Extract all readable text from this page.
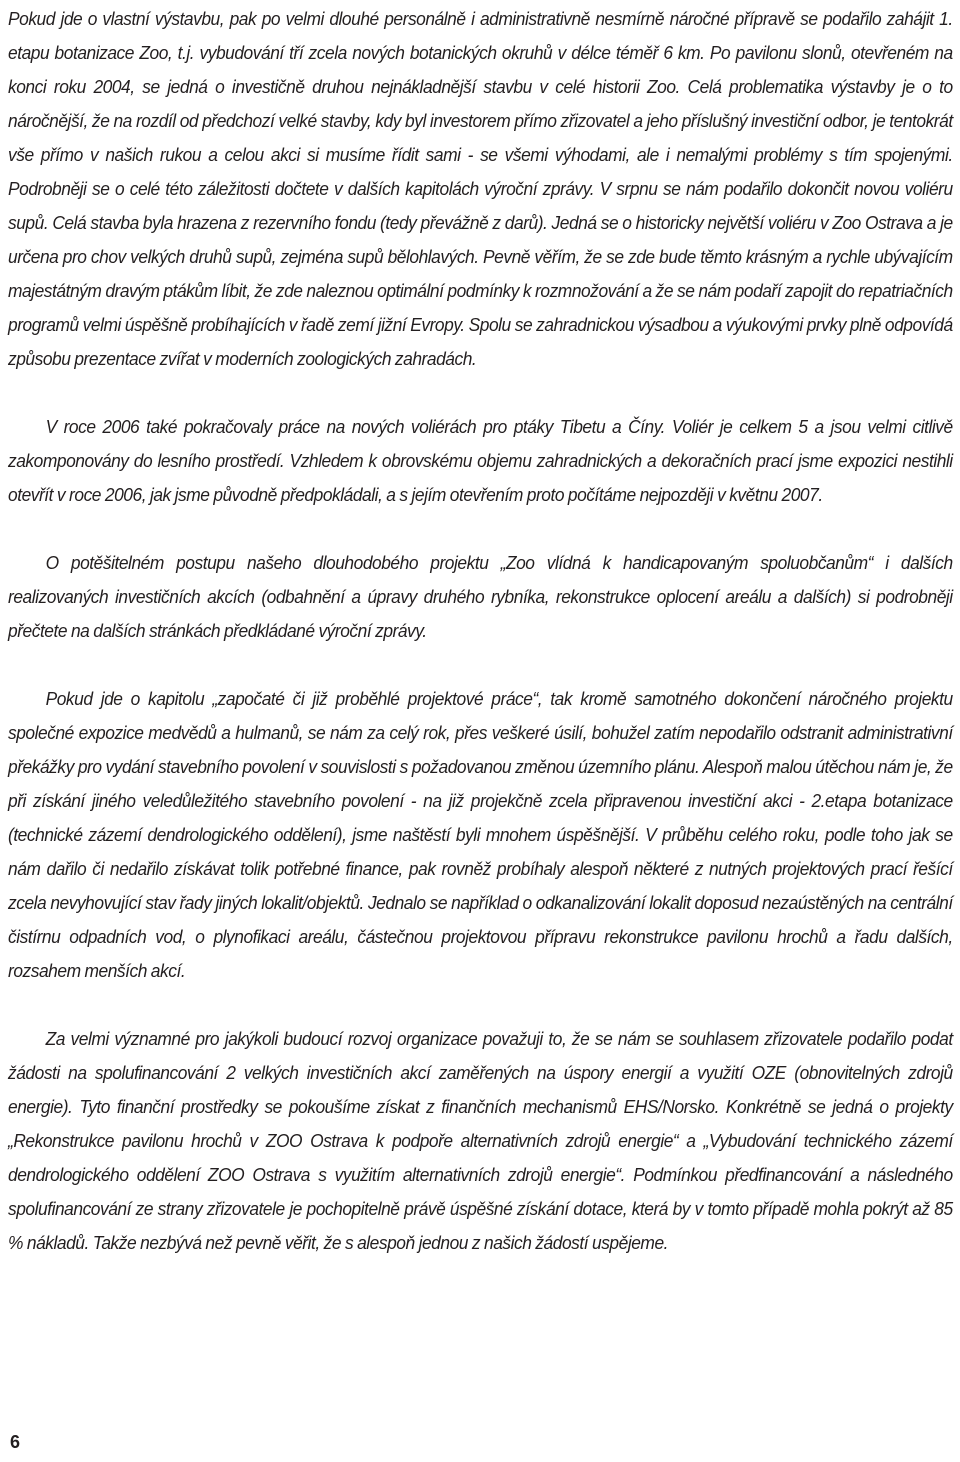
Pokud jde o vlastní výstavbu, pak po velmi dlouhé personálně i administrativně nesmírně náročné přípravě se podařilo zahájit 1. etapu botanizace Zoo, t.j. vybudování tří zcela nových botanických okruhů v délce téměř 6 km. Po pavilonu slonů, otevřeném na konci roku 2004, se jedná o investičně druhou nejnákladnější stavbu v celé historii Zoo. Celá problematika výstavby je o to náročnější, že na rozdíl od předchozí velké stavby, kdy byl investorem přímo zřizovatel a jeho příslušný investiční odbor, je tentokrát vše přímo v našich rukou a celou akci si musíme řídit sami - se všemi výhodami, ale i nemalými problémy s tím spojenými. Podrobněji se o celé této záležitosti dočtete v dalších kapitolách výroční zprávy. V srpnu se nám podařilo dokončit novou voliéru supů. Celá stavba byla hrazena z rezervního fondu (tedy převážně z darů). Jedná se o historicky největší voliéru v Zoo Ostrava a je určena pro chov velkých druhů supů, zejména supů bělohlavých. Pevně věřím, že se zde bude těmto krásným a rychle ubývajícím majestátným dravým ptákům líbit, že zde naleznou optimální podmínky k rozmnožování a že se nám podaří zapojit do repatriačních programů velmi úspěšně probíhajících v řadě zemí jižní Evropy. Spolu se zahradnickou výsadbou a výukovými prvky plně odpovídá způsobu prezentace zvířat v moderních zoologických zahradách.

V roce 2006 také pokračovaly práce na nových voliérách pro ptáky Tibetu a Číny. Voliér je celkem 5 a jsou velmi citlivě zakomponovány do lesního prostředí. Vzhledem k obrovskému objemu zahradnických a dekoračních prací jsme expozici nestihli otevřít v roce 2006, jak jsme původně předpokládali, a s jejím otevřením proto počítáme nejpozději v květnu 2007.

O potěšitelném postupu našeho dlouhodobého projektu „Zoo vlídná k handicapovaným spoluobčanům“ i dalších realizovaných investičních akcích (odbahnění a úpravy druhého rybníka, rekonstrukce oplocení areálu a dalších) si podrobněji přečtete na dalších stránkách předkládané výroční zprávy.

Pokud jde o kapitolu „započaté či již proběhlé projektové práce“, tak kromě samotného dokončení náročného projektu společné expozice medvědů a hulmanů, se nám za celý rok, přes veškeré úsilí, bohužel zatím nepodařilo odstranit administrativní překážky pro vydání stavebního povolení v souvislosti s požadovanou změnou územního plánu. Alespoň malou útěchou nám je, že při získání jiného veledůležitého stavebního povolení - na již projekčně zcela připravenou investiční akci - 2.etapa botanizace (technické zázemí dendrologického oddělení), jsme naštěstí byli mnohem úspěšnější. V průběhu celého roku, podle toho jak se nám dařilo či nedařilo získávat tolik potřebné finance, pak rovněž probíhaly alespoň některé z nutných projektových prací řešící zcela nevyhovující stav řady jiných lokalit/objektů. Jednalo se například o odkanalizování lokalit doposud nezaústěných na centrální čistírnu odpadních vod, o plynofikaci areálu, částečnou projektovou přípravu rekonstrukce pavilonu hrochů a řadu dalších, rozsahem menších akcí.

Za velmi významné pro jakýkoli budoucí rozvoj organizace považuji to, že se nám se souhlasem zřizovatele podařilo podat žádosti na spolufinancování 2 velkých investičních akcí zaměřených na úspory energií a využití OZE (obnovitelných zdrojů energie). Tyto finanční prostředky se pokoušíme získat z finančních mechanismů EHS/Norsko. Konkrétně se jedná o projekty „Rekonstrukce pavilonu hrochů v ZOO Ostrava k podpoře alternativních zdrojů energie“ a „Vybudování technického zázemí dendrologického oddělení ZOO Ostrava s využitím alternativních zdrojů energie“. Podmínkou předfinancování a následného spolufinancování ze strany zřizovatele je pochopitelně právě úspěšné získání dotace, která by v tomto případě mohla pokrýt až 85 % nákladů. Takže nezbývá než pevně věřit, že s alespoň jednou z našich žádostí uspějeme.

6
